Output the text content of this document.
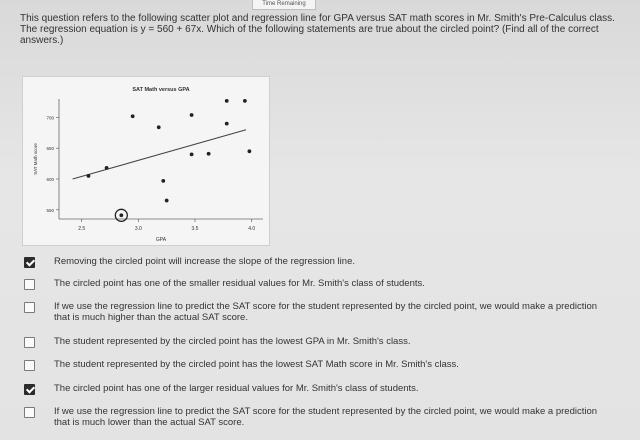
Time Remaining
This question refers to the following scatter plot and regression line for GPA versus SAT math scores in Mr. Smith's Pre-Calculus class. The regression equation is y = 560 + 67x. Which of the following statements are true about the circled point? (Find all of the correct answers.)
SAT Math versus GPA
2.5	3.0	3.5	4.0
550
600
650
700
GPA
SAT Math score
Removing the circled point will increase the slope of the regression line.
The circled point has one of the smaller residual values for Mr. Smith's class of students.
If we use the regression line to predict the SAT score for the student represented by the circled point, we would make a prediction that is much higher than the actual SAT score.
The student represented by the circled point has the lowest GPA in Mr. Smith's class.
The student represented by the circled point has the lowest SAT Math score in Mr. Smith's class.
The circled point has one of the larger residual values for Mr. Smith's class of students.
If we use the regression line to predict the SAT score for the student represented by the circled point, we would make a prediction that is much lower than the actual SAT score.
